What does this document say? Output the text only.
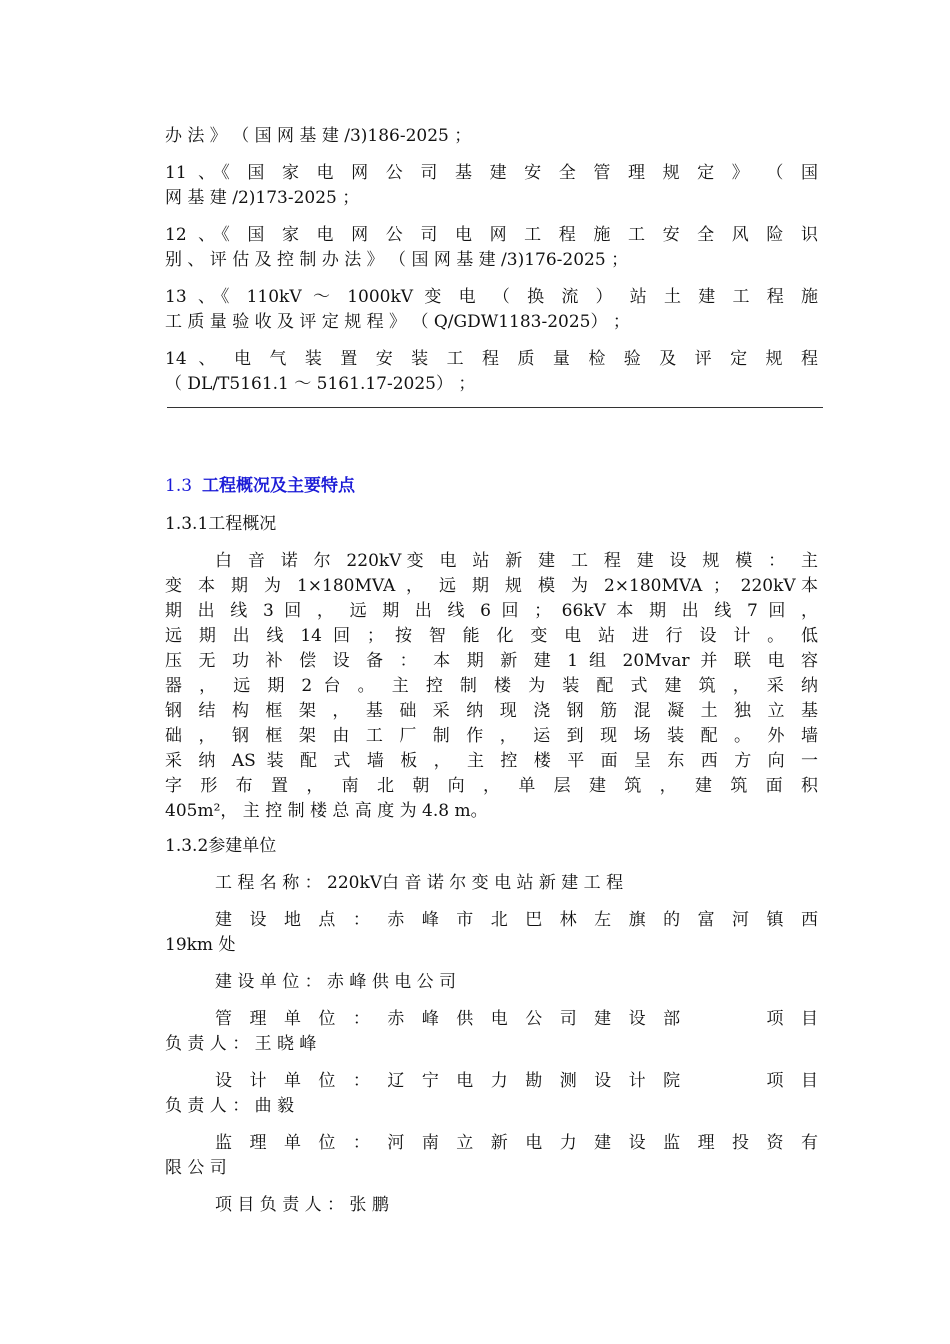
办 法 》 （ 国 网 基 建 /3)186-2025 ；
11 、《 国 家 电 网 公 司 基 建 安 全 管 理 规 定 》 （ 国
网 基 建 /2)173-2025 ；
12 、《 国 家 电 网 公 司 电 网 工 程 施 工 安 全 风 险 识
别 、 评 估 及 控 制 办 法 》 （ 国 网 基 建 /3)176-2025 ；
13 、《 110kV ～ 1000kV 变 电 （ 换 流 ） 站 土 建 工 程 施
工 质 量 验 收 及 评 定 规 程 》 （ Q/GDW1183-2025） ；
14 、 电 气 装 置 安 装 工 程 质 量 检 验 及 评 定 规 程
（ DL/T5161.1 ～ 5161.17-2025） ；
1.3 工程概况及主要特点
1.3.1工程概况
白 音 诺 尔 220kV变 电 站 新 建 工 程 建 设 规 模 ： 主
变 本 期 为 1×180MVA ， 远 期 规 模 为 2×180MVA ； 220kV本
期 出 线 3 回 ， 远 期 出 线 6 回 ； 66kV 本 期 出 线 7 回 ，
远 期 出 线 14 回 ； 按 智 能 化 变 电 站 进 行 设 计 。 低
压 无 功 补 偿 设 备 ： 本 期 新 建 1 组 20Mvar 并 联 电 容
器 ， 远 期 2 台 。 主 控 制 楼 为 装 配 式 建 筑 ， 采 纳
钢 结 构 框 架 ， 基 础 采 纳 现 浇 钢 筋 混 凝 土 独 立 基
础 ， 钢 框 架 由 工 厂 制 作 ， 运 到 现 场 装 配 。 外 墙
采 纳 AS 装 配 式 墙 板 ， 主 控 楼 平 面 呈 东 西 方 向 一
字 形 布 置 ， 南 北 朝 向 ， 单 层 建 筑 ， 建 筑 面 积
405m²， 主 控 制 楼 总 高 度 为 4.8 m。
1.3.2参建单位
工 程 名 称 ： 220kV白 音 诺 尔 变 电 站 新 建 工 程
建 设 地 点 ： 赤 峰 市 北 巴 林 左 旗 的 富 河 镇 西
19km 处
建 设 单 位 ： 赤 峰 供 电 公 司
管 理 单 位 ： 赤 峰 供 电 公 司 建 设 部 　 　 项 目
负 责 人 ： 王 晓 峰
设 计 单 位 ： 辽 宁 电 力 勘 测 设 计 院 　 　 项 目
负 责 人 ： 曲 毅
监 理 单 位 ： 河 南 立 新 电 力 建 设 监 理 投 资 有
限 公 司
项 目 负 责 人 ： 张 鹏
